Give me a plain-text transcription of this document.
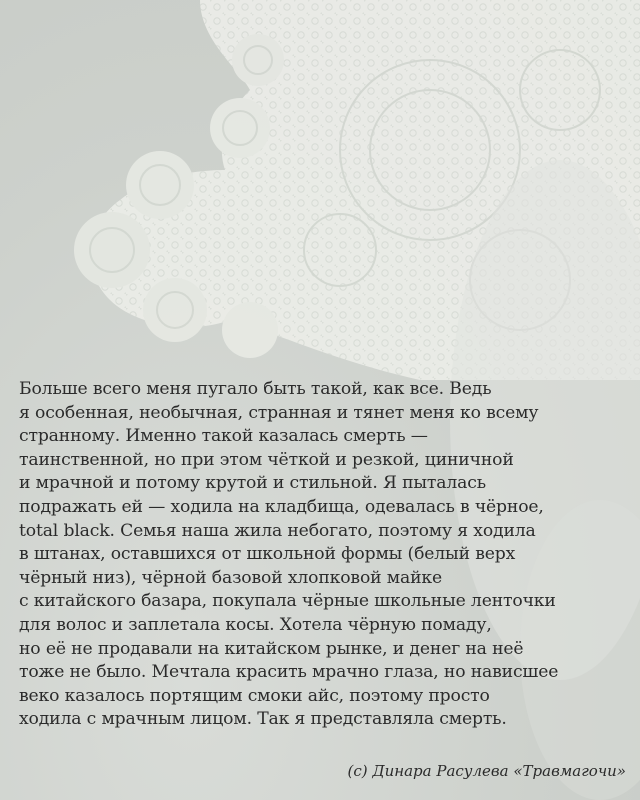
Больше всего меня пугало быть такой, как все. Ведь
я особенная, необычная, странная и тянет меня ко всему
странному. Именно такой казалась смерть —
таинственной, но при этом чёткой и резкой, циничной
и мрачной и потому крутой и стильной. Я пыталась
подражать ей — ходила на кладбища, одевалась в чёрное,
total black. Семья наша жила небогато, поэтому я ходила
в штанах, оставшихся от школьной формы (белый верх
чёрный низ), чёрной базовой хлопковой майке
с китайского базара, покупала чёрные школьные ленточки
для волос и заплетала косы. Хотела чёрную помаду,
но её не продавали на китайском рынке, и денег на неё
тоже не было. Мечтала красить мрачно глаза, но нависшее
веко казалось портящим смоки айс, поэтому просто
ходила с мрачным лицом. Так я представляла смерть.

(с) Динара Расулева «Травмагочи»
